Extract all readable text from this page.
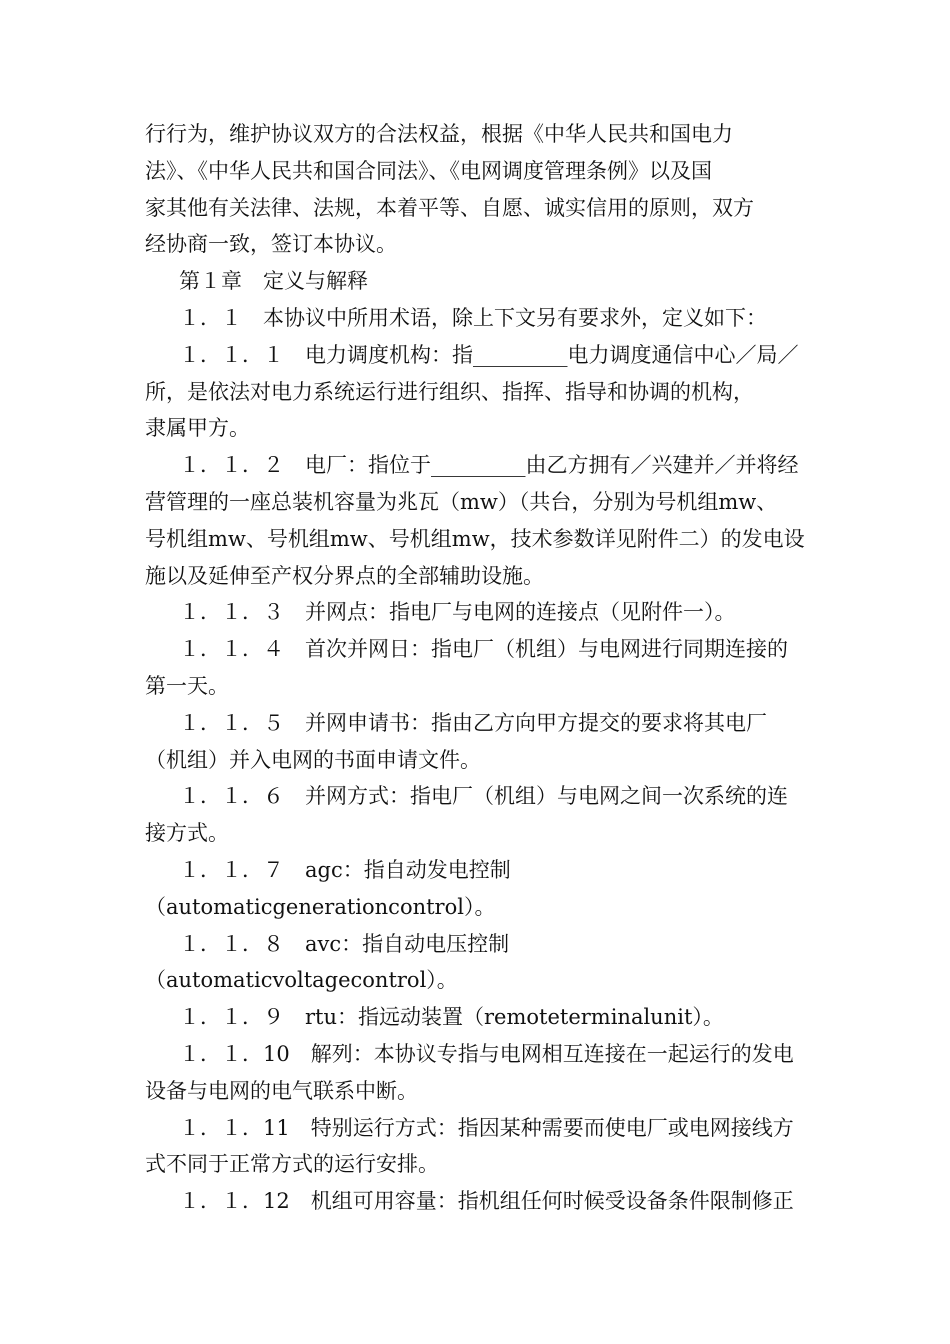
行行为，维护协议双方的合法权益，根据《中华人民共和国电力
法》、《中华人民共和国合同法》、《电网调度管理条例》以及国
家其他有关法律、法规，本着平等、自愿、诚实信用的原则，双方
经协商一致，签订本协议。
第１章　定义与解释
１．１　本协议中所用术语，除上下文另有要求外，定义如下：
１．１．１　电力调度机构：指_________电力调度通信中心／局／
所，是依法对电力系统运行进行组织、指挥、指导和协调的机构，
隶属甲方。
１．１．２　电厂：指位于_________由乙方拥有／兴建并／并将经
营管理的一座总装机容量为兆瓦（mw）（共台，分别为号机组mw、
号机组mw、号机组mw、号机组mw，技术参数详见附件二）的发电设
施以及延伸至产权分界点的全部辅助设施。
１．１．３　并网点：指电厂与电网的连接点（见附件一）。
１．１．４　首次并网日：指电厂（机组）与电网进行同期连接的
第一天。
１．１．５　并网申请书：指由乙方向甲方提交的要求将其电厂
（机组）并入电网的书面申请文件。
１．１．６　并网方式：指电厂（机组）与电网之间一次系统的连
接方式。
１．１．７　agc：指自动发电控制
（automaticgenerationcontrol）。
１．１．８　avc：指自动电压控制
（automaticvoltagecontrol）。
１．１．９　rtu：指远动装置（remoteterminalunit）。
１．１．10　解列：本协议专指与电网相互连接在一起运行的发电
设备与电网的电气联系中断。
１．１．11　特别运行方式：指因某种需要而使电厂或电网接线方
式不同于正常方式的运行安排。
１．１．12　机组可用容量：指机组任何时候受设备条件限制修正
